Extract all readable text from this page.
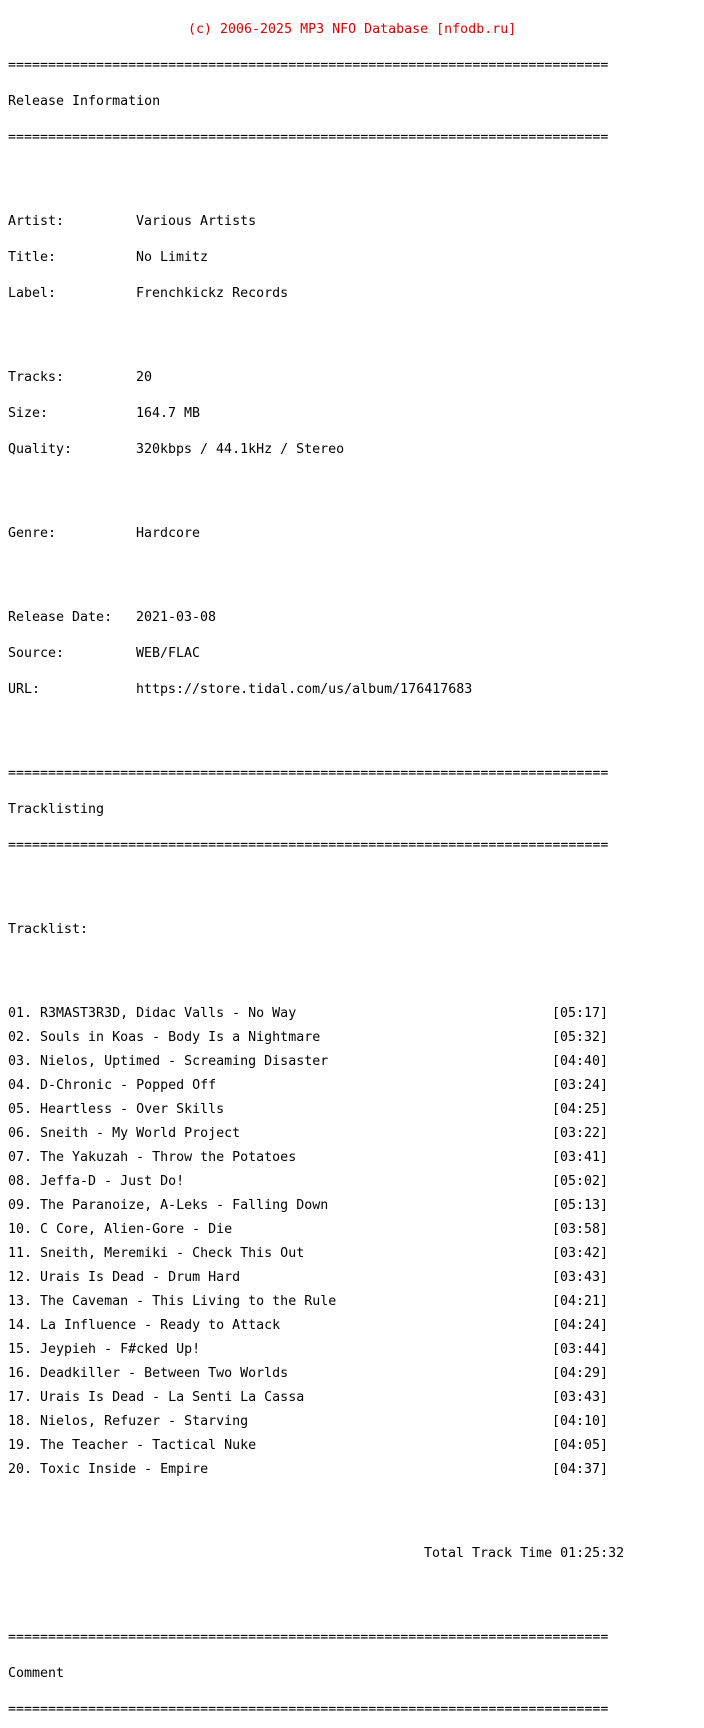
(c) 2006-2025 MP3 NFO Database [nfodb.ru]

===========================================================================

Release Information

===========================================================================

Artist:	Various Artists

Title:	No Limitz

Label:	Frenchkickz Records

Tracks:	20

Size:	164.7 MB

Quality:	320kbps / 44.1kHz / Stereo

Genre:	Hardcore

Release Date: 2021-03-08

Source:	WEB/FLAC

URL:	https://store.tidal.com/us/album/176417683

===========================================================================

Tracklisting

===========================================================================

Tracklist:

01. R3MAST3R3D, Didac Valls - No Way	[05:17]
02. Souls in Koas - Body Is a Nightmare	[05:32]
03. Nielos, Uptimed - Screaming Disaster	[04:40]
04. D-Chronic - Popped Off	[03:24]
05. Heartless - Over Skills	[04:25]
06. Sneith - My World Project	[03:22]
07. The Yakuzah - Throw the Potatoes	[03:41]
08. Jeffa-D - Just Do!	[05:02]
09. The Paranoize, A-Leks - Falling Down	[05:13]
10. C Core, Alien-Gore - Die	[03:58]
11. Sneith, Meremiki - Check This Out	[03:42]
12. Urais Is Dead - Drum Hard	[03:43]
13. The Caveman - This Living to the Rule	[04:21]
14. La Influence - Ready to Attack	[04:24]
15. Jeypieh - F#cked Up!	[03:44]
16. Deadkiller - Between Two Worlds	[04:29]
17. Urais Is Dead - La Senti La Cassa	[03:43]
18. Nielos, Refuzer - Starving	[04:10]
19. The Teacher - Tactical Nuke	[04:05]
20. Toxic Inside - Empire	[04:37]

Total Track Time 01:25:32

===========================================================================

Comment

===========================================================================
